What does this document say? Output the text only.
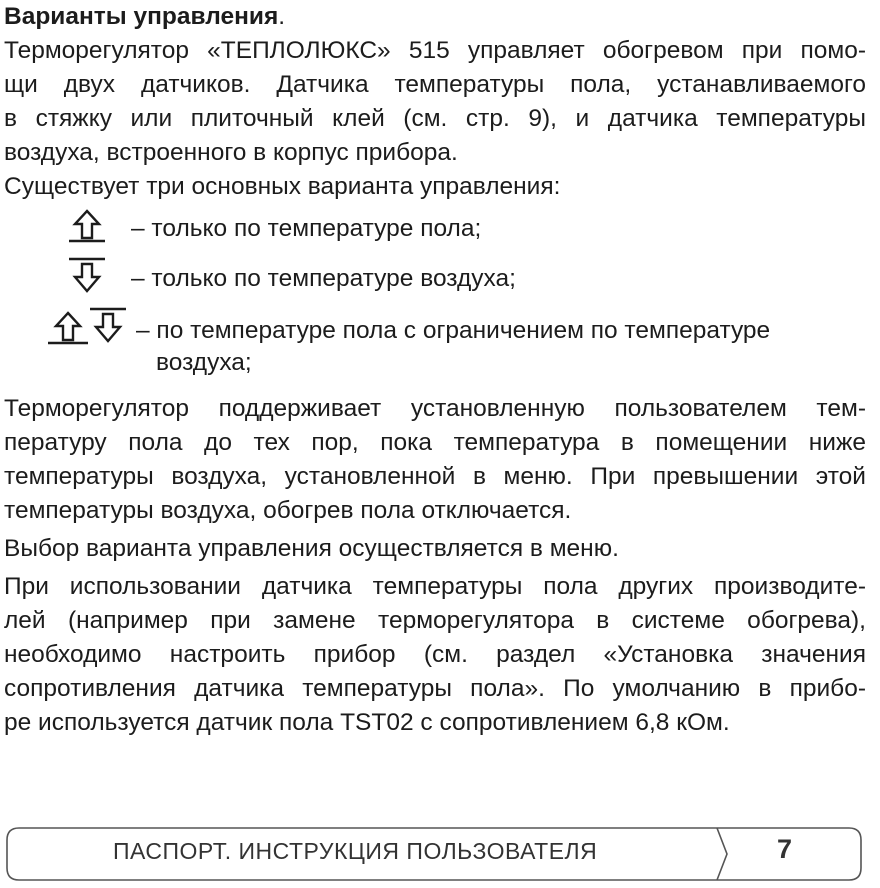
Варианты управления.
Терморегулятор «ТЕПЛОЛЮКС» 515 управляет обогревом при помо-
щи двух датчиков. Датчика температуры пола, устанавливаемого
в стяжку или плиточный клей (см. стр. 9), и датчика температуры
воздуха, встроенного в корпус прибора.
Существует три основных варианта управления:
– только по температуре пола;
– только по температуре воздуха;
– по температуре пола с ограничением по температуре
воздуха;
Терморегулятор поддерживает установленную пользователем тем-
пературу пола до тех пор, пока температура в помещении ниже
температуры воздуха, установленной в меню. При превышении этой
температуры воздуха, обогрев пола отключается.
Выбор варианта управления осуществляется в меню.
При использовании датчика температуры пола других производите-
лей (например при замене терморегулятора в системе обогрева),
необходимо настроить прибор (см. раздел «Установка значения
сопротивления датчика температуры пола». По умолчанию в прибо-
ре используется датчик пола TST02 с сопротивлением 6,8 кОм.
ПАСПОРТ. ИНСТРУКЦИЯ ПОЛЬЗОВАТЕЛЯ	7
